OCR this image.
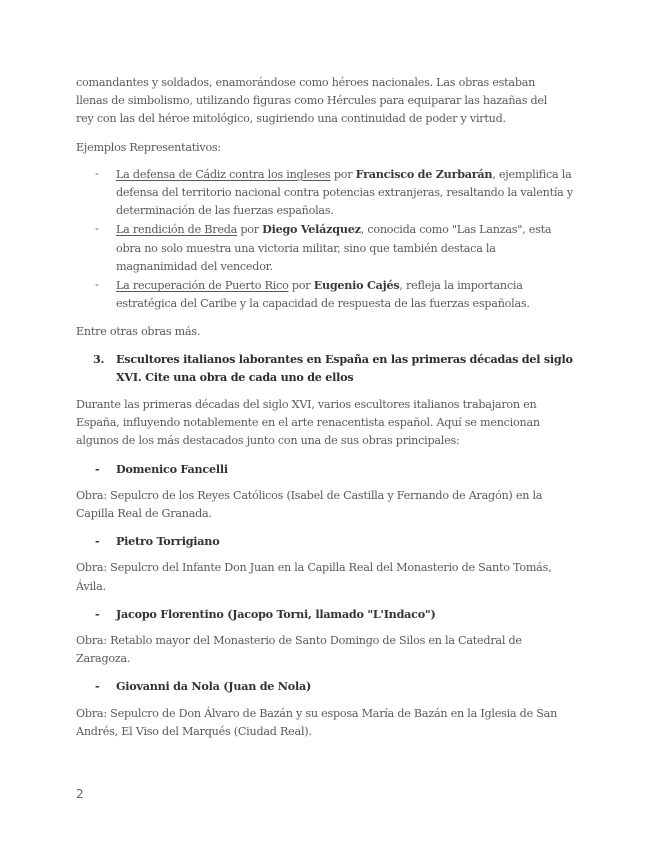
comandantes y soldados, enamorándose como héroes nacionales. Las obras estaban
llenas de simbolismo, utilizando figuras como Hércules para equiparar las hazañas del
rey con las del héroe mitológico, sugiriendo una continuidad de poder y virtud.

Ejemplos Representativos:

- La defensa de Cádiz contra los ingleses por Francisco de Zurbarán, ejemplifica la defensa del territorio nacional contra potencias extranjeras, resaltando la valentía y determinación de las fuerzas españolas.
- La rendición de Breda por Diego Velázquez, conocida como "Las Lanzas", esta obra no solo muestra una victoria militar, sino que también destaca la magnanimidad del vencedor.
- La recuperación de Puerto Rico por Eugenio Cajés, refleja la importancia estratégica del Caribe y la capacidad de respuesta de las fuerzas españolas.

Entre otras obras más.

3.	Escultores italianos laborantes en España en las primeras décadas del siglo XVI. Cite una obra de cada uno de ellos

Durante las primeras décadas del siglo XVI, varios escultores italianos trabajaron en España, influyendo notablemente en el arte renacentista español. Aquí se mencionan algunos de los más destacados junto con una de sus obras principales:

-	Domenico Fancelli

Obra: Sepulcro de los Reyes Católicos (Isabel de Castilla y Fernando de Aragón) en la Capilla Real de Granada.

-	Pietro Torrigiano

Obra: Sepulcro del Infante Don Juan en la Capilla Real del Monasterio de Santo Tomás, Ávila.

-	Jacopo Florentino (Jacopo Torni, llamado "L'Indaco")

Obra: Retablo mayor del Monasterio de Santo Domingo de Silos en la Catedral de Zaragoza.

-	Giovanni da Nola (Juan de Nola)

Obra: Sepulcro de Don Álvaro de Bazán y su esposa María de Bazán en la Iglesia de San Andrés, El Viso del Marqués (Ciudad Real).

2
